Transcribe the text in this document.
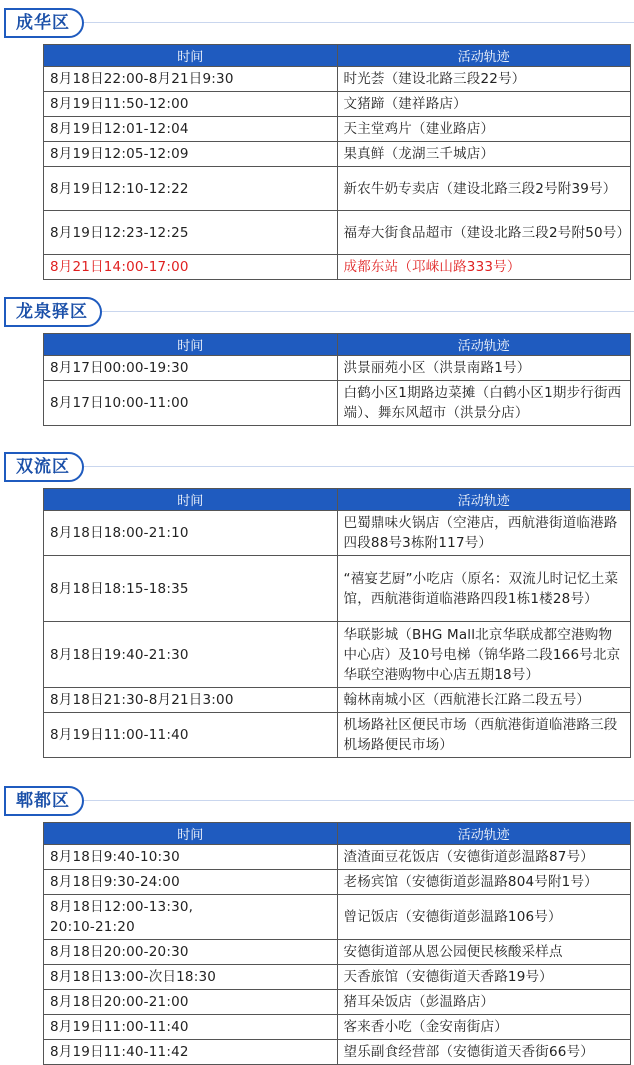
成华区
时间	活动轨迹
8月18日22:00-8月21日9:30	时光荟（建设北路三段22号）
8月19日11:50-12:00	文猪蹄（建祥路店）
8月19日12:01-12:04	天主堂鸡片（建业路店）
8月19日12:05-12:09	果真鲜（龙湖三千城店）
8月19日12:10-12:22	新农牛奶专卖店（建设北路三段2号附39号）
8月19日12:23-12:25	福寿大街食品超市（建设北路三段2号附50号）
8月21日14:00-17:00	成都东站（邛崃山路333号）
龙泉驿区
时间	活动轨迹
8月17日00:00-19:30	洪景丽苑小区（洪景南路1号）
8月17日10:00-11:00	白鹤小区1期路边菜摊（白鹤小区1期步行街西端）、舞东风超市（洪景分店）
双流区
时间	活动轨迹
8月18日18:00-21:10	巴蜀鼎味火锅店（空港店，西航港街道临港路四段88号3栋附117号）
8月18日18:15-18:35	“禧宴艺厨”小吃店（原名：双流儿时记忆土菜馆，西航港街道临港路四段1栋1楼28号）
8月18日19:40-21:30	华联影城（BHG Mall北京华联成都空港购物中心店）及10号电梯（锦华路二段166号北京华联空港购物中心店五期18号）
8月18日21:30-8月21日3:00	翰林南城小区（西航港长江路二段五号）
8月19日11:00-11:40	机场路社区便民市场（西航港街道临港路三段机场路便民市场）
郫都区
时间	活动轨迹
8月18日9:40-10:30	渣渣面豆花饭店（安德街道彭温路87号）
8月18日9:30-24:00	老杨宾馆（安德街道彭温路804号附1号）
8月18日12:00-13:30,
20:10-21:20	曾记饭店（安德街道彭温路106号）
8月18日20:00-20:30	安德街道部从恩公园便民核酸采样点
8月18日13:00-次日18:30	天香旅馆（安德街道天香路19号）
8月18日20:00-21:00	猪耳朵饭店（彭温路店）
8月19日11:00-11:40	客来香小吃（金安南街店）
8月19日11:40-11:42	望乐副食经营部（安德街道天香街66号）
